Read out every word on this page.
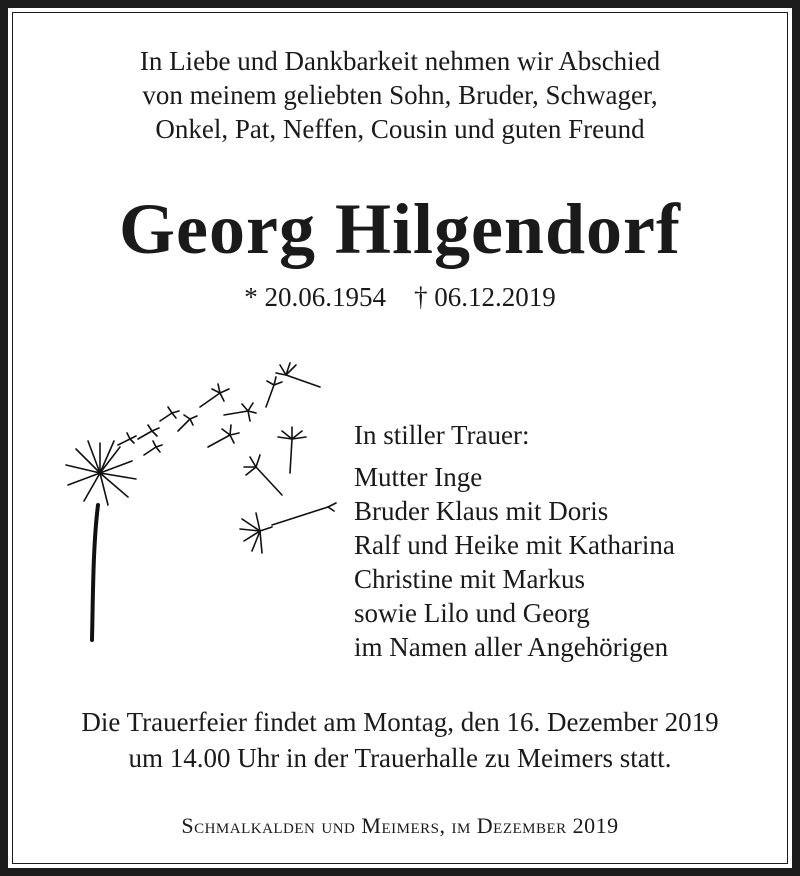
In Liebe und Dankbarkeit nehmen wir Abschied
von meinem geliebten Sohn, Bruder, Schwager,
Onkel, Pat, Neffen, Cousin und guten Freund
Georg Hilgendorf
* 20.06.1954 † 06.12.2019
In stiller Trauer:
Mutter Inge
Bruder Klaus mit Doris
Ralf und Heike mit Katharina
Christine mit Markus
sowie Lilo und Georg
im Namen aller Angehörigen
Die Trauerfeier findet am Montag, den 16. Dezember 2019
um 14.00 Uhr in der Trauerhalle zu Meimers statt.
Schmalkalden und Meimers, im Dezember 2019
